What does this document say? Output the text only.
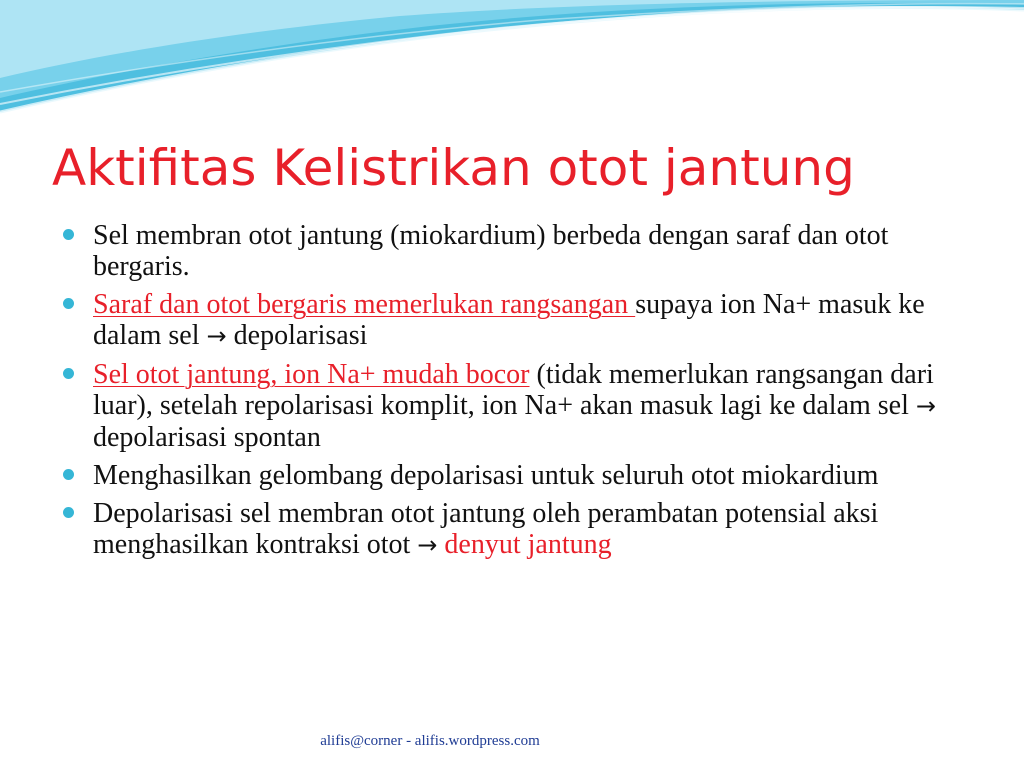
Aktifitas Kelistrikan otot jantung
Sel membran otot jantung (miokardium) berbeda dengan saraf dan otot bergaris.
Saraf dan otot bergaris memerlukan rangsangan supaya ion Na+ masuk ke dalam sel → depolarisasi
Sel otot jantung, ion Na+ mudah bocor (tidak memerlukan rangsangan dari luar), setelah repolarisasi komplit, ion Na+ akan masuk lagi ke dalam sel →depolarisasi spontan
Menghasilkan gelombang depolarisasi untuk seluruh otot miokardium
Depolarisasi sel membran otot jantung oleh perambatan potensial aksi menghasilkan kontraksi otot → denyut jantung
alifis@corner - alifis.wordpress.com
